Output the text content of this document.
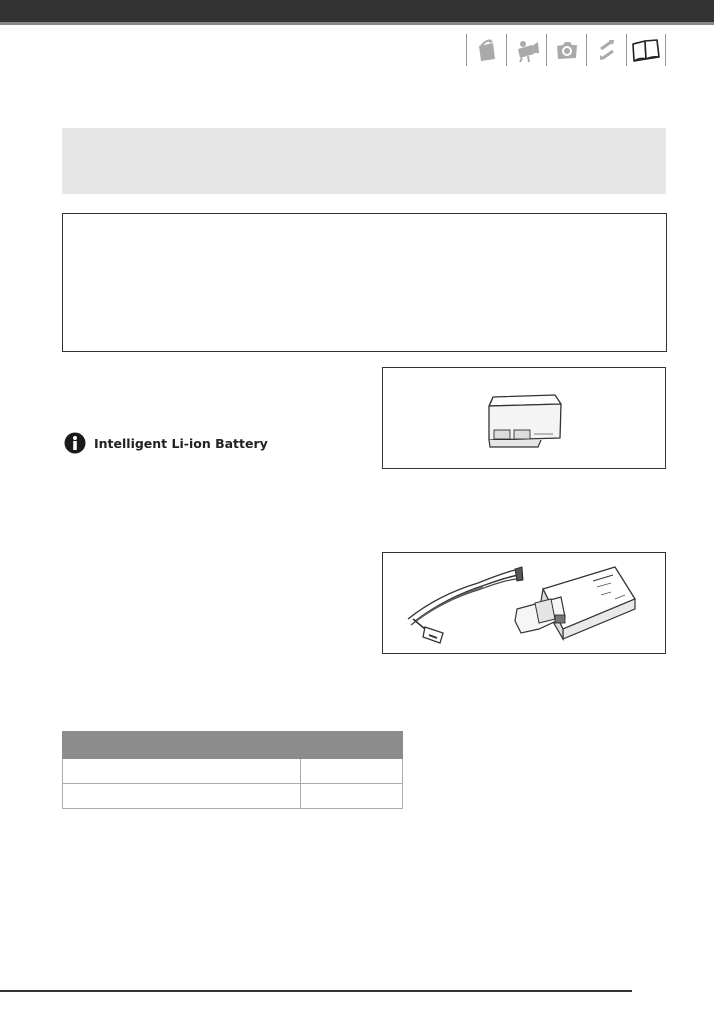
Intelligent Li-ion Battery
